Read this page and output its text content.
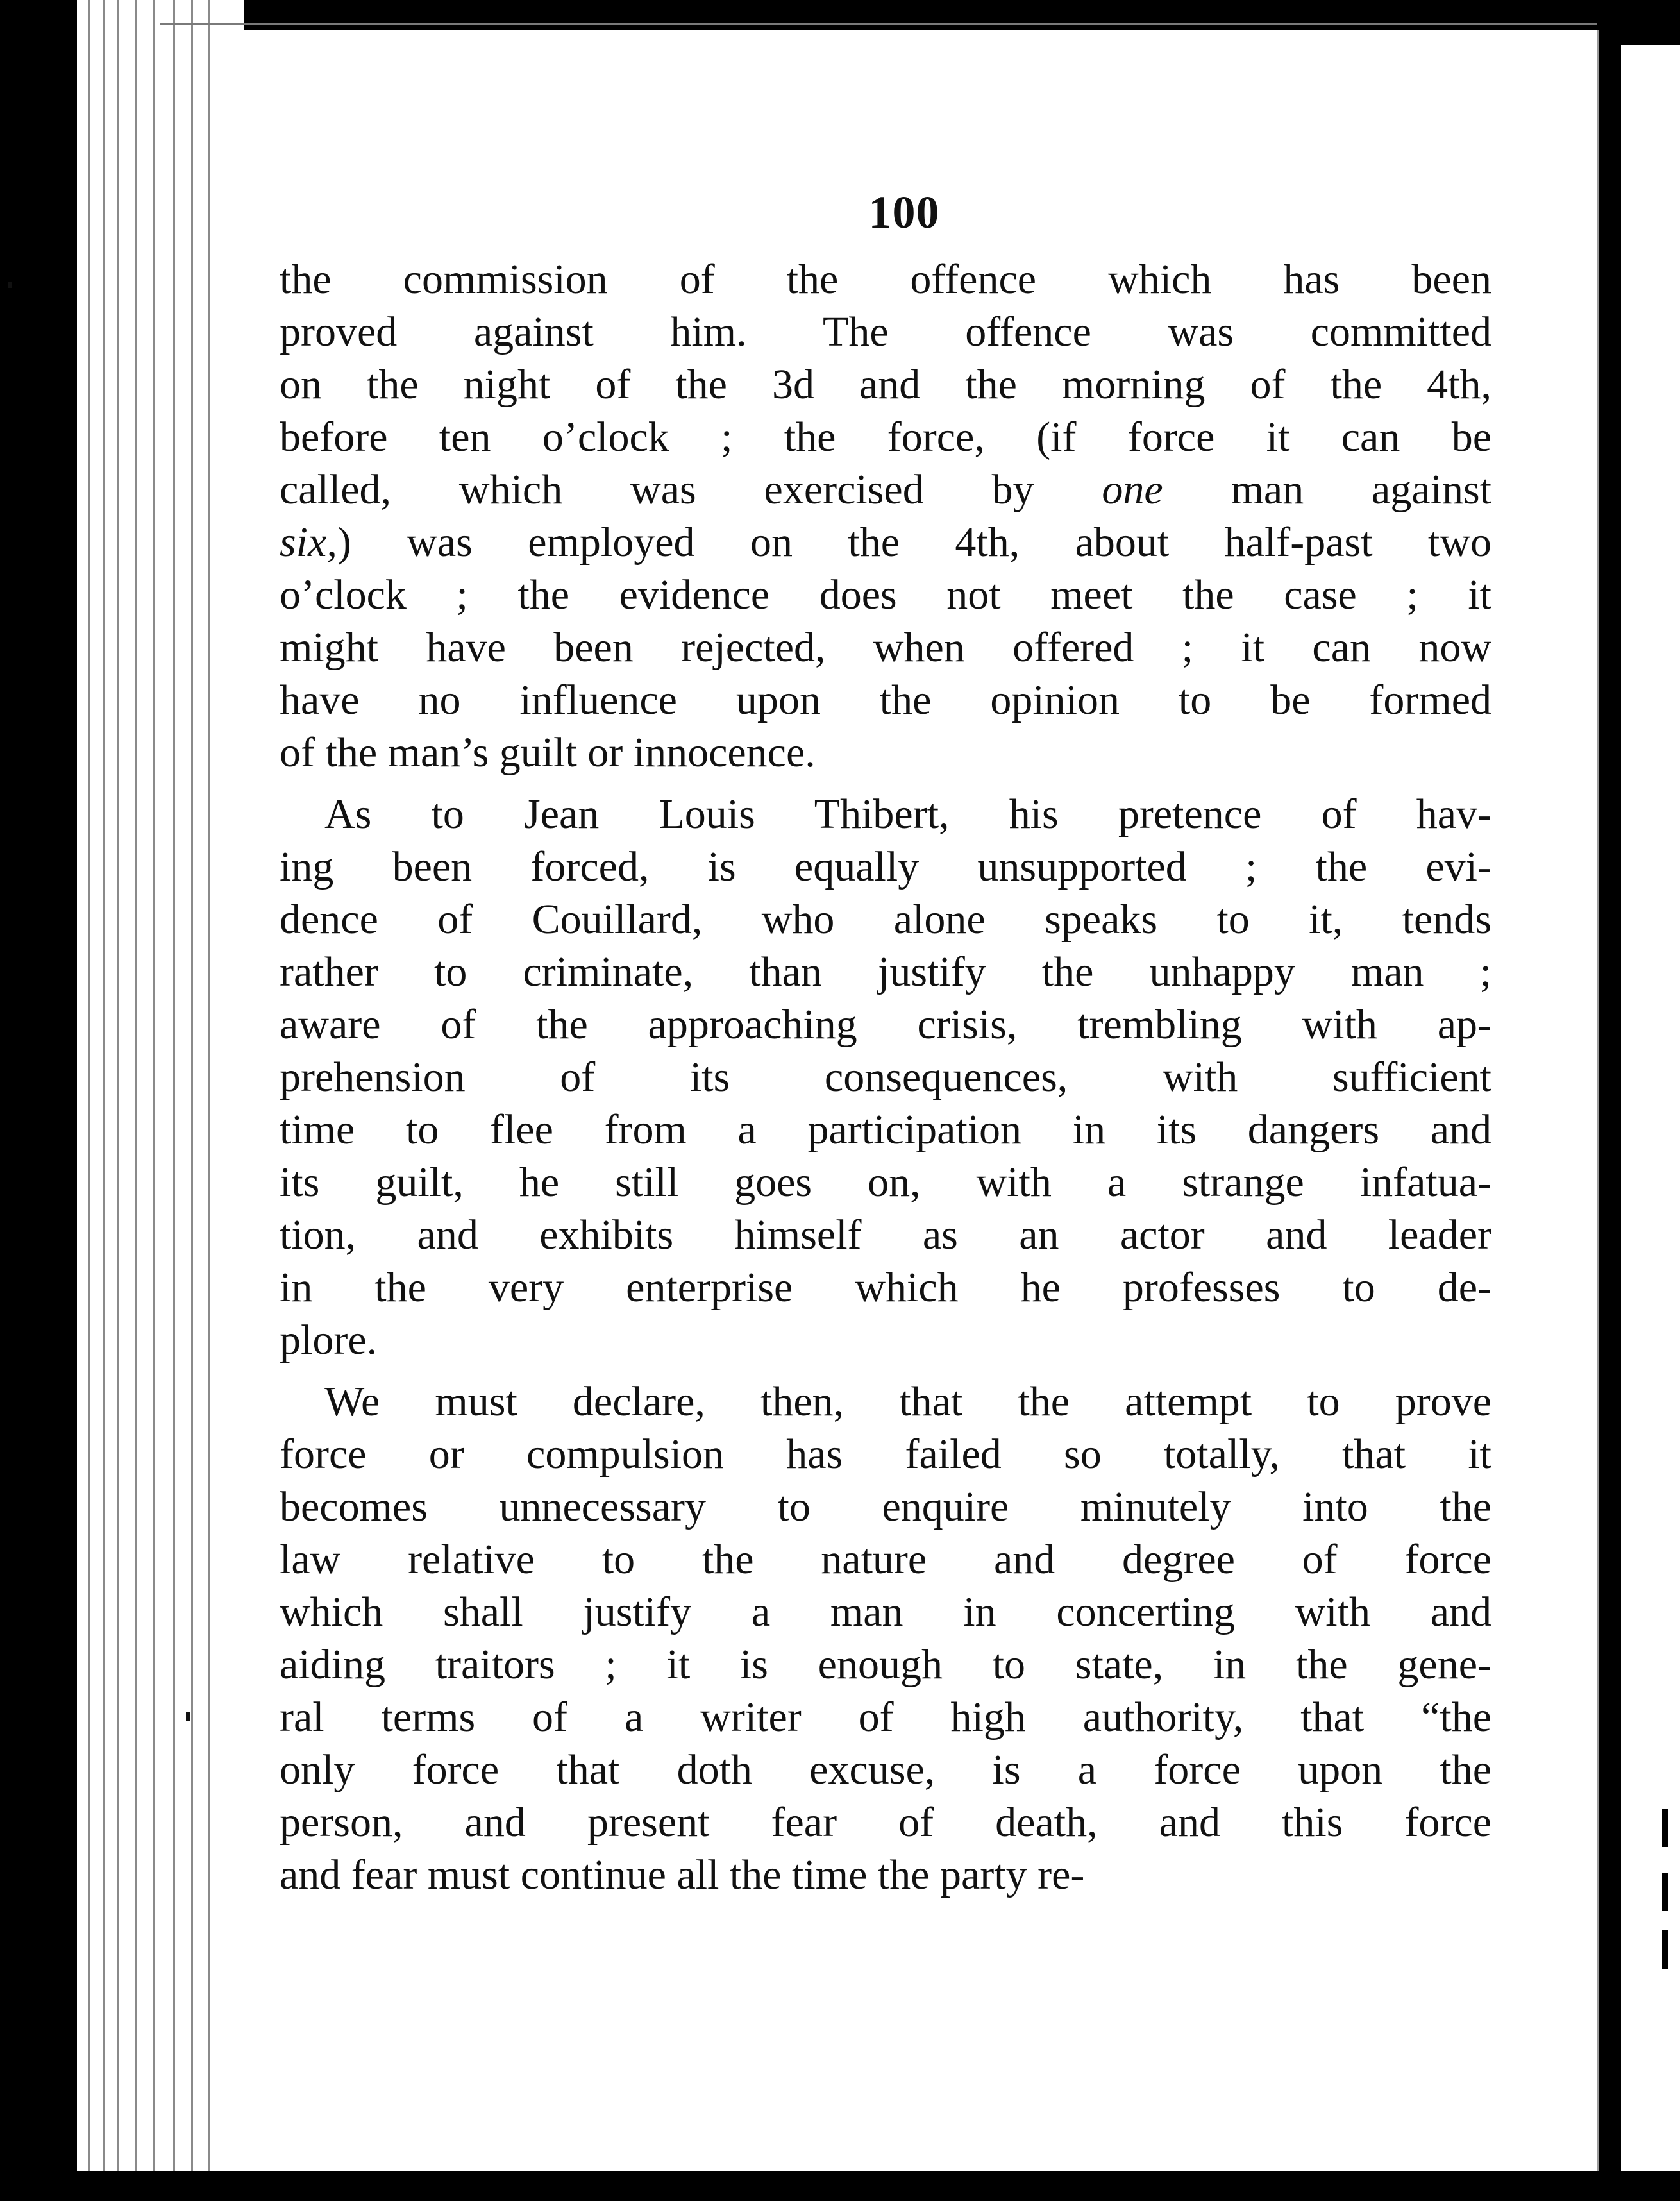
100
the commission of the offence which has been
proved against him. The offence was committed
on the night of the 3d and the morning of the 4th,
before ten o’clock ; the force, (if force it can be
called, which was exercised by one man against
six,) was employed on the 4th, about half-past two
o’clock ; the evidence does not meet the case ; it
might have been rejected, when offered ; it can now
have no influence upon the opinion to be formed
of the man’s guilt or innocence.
As to Jean Louis Thibert, his pretence of hav-
ing been forced, is equally unsupported ; the evi-
dence of Couillard, who alone speaks to it, tends
rather to criminate, than justify the unhappy man ;
aware of the approaching crisis, trembling with ap-
prehension of its consequences, with sufficient
time to flee from a participation in its dangers and
its guilt, he still goes on, with a strange infatua-
tion, and exhibits himself as an actor and leader
in the very enterprise which he professes to de-
plore.
We must declare, then, that the attempt to prove
force or compulsion has failed so totally, that it
becomes unnecessary to enquire minutely into the
law relative to the nature and degree of force
which shall justify a man in concerting with and
aiding traitors ; it is enough to state, in the gene-
ral terms of a writer of high authority, that “the
only force that doth excuse, is a force upon the
person, and present fear of death, and this force
and fear must continue all the time the party re-
